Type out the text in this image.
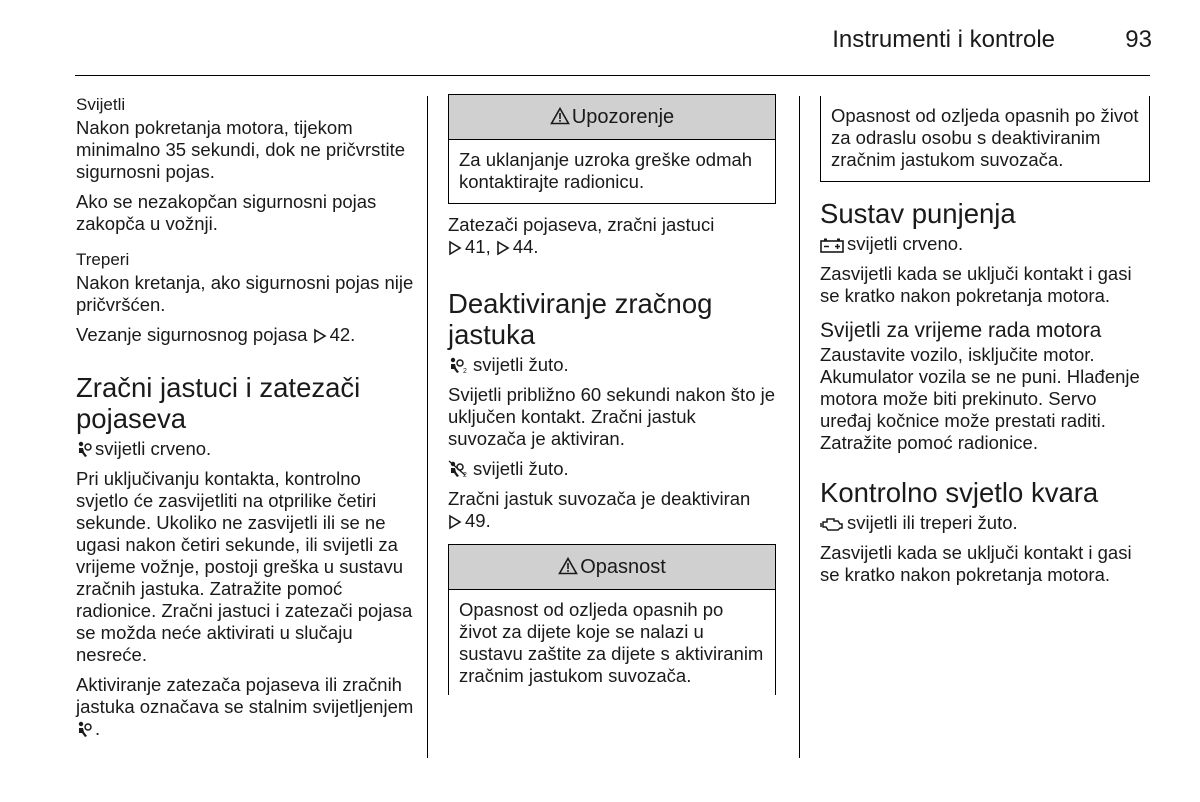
Instrumenti i kontrole	93
Svijetli

Nakon pokretanja motora, tijekom minimalno 35 sekundi, dok ne pričvrstite sigurnosni pojas.

Ako se nezakopčan sigurnosni pojas zakopča u vožnji.

Treperi

Nakon kretanja, ako sigurnosni pojas nije pričvršćen.

Vezanje sigurnosnog pojasa 42.

Zračni jastuci i zatezači pojaseva

svijetli crveno.

Pri uključivanju kontakta, kontrolno svjetlo će zasvijetliti na otprilike četiri sekunde. Ukoliko ne zasvijetli ili se ne ugasi nakon četiri sekunde, ili svijetli za vrijeme vožnje, postoji greška u sustavu zračnih jastuka. Zatražite pomoć radionice. Zračni jastuci i zatezači pojasa se možda neće aktivirati u slučaju nesreće.

Aktiviranje zatezača pojaseva ili zračnih jastuka označava se stalnim svijetljenjem .

Upozorenje
Za uklanjanje uzroka greške odmah kontaktirajte radionicu.

Zatezači pojaseva, zračni jastuci
41, 44.

Deaktiviranje zračnog jastuka

2 svijetli žuto.

Svijetli približno 60 sekundi nakon što je uključen kontakt. Zračni jastuk suvozača je aktiviran.

2 svijetli žuto.

Zračni jastuk suvozača je deaktiviran
49.

Opasnost
Opasnost od ozljeda opasnih po život za dijete koje se nalazi u sustavu zaštite za dijete s aktiviranim zračnim jastukom suvozača.
Opasnost od ozljeda opasnih po život za odraslu osobu s deaktiviranim zračnim jastukom suvozača.
Sustav punjenja

svijetli crveno.

Zasvijetli kada se uključi kontakt i gasi se kratko nakon pokretanja motora.

Svijetli za vrijeme rada motora

Zaustavite vozilo, isključite motor. Akumulator vozila se ne puni. Hlađenje motora može biti prekinuto. Servo uređaj kočnice može prestati raditi. Zatražite pomoć radionice.

Kontrolno svjetlo kvara

svijetli ili treperi žuto.

Zasvijetli kada se uključi kontakt i gasi se kratko nakon pokretanja motora.
